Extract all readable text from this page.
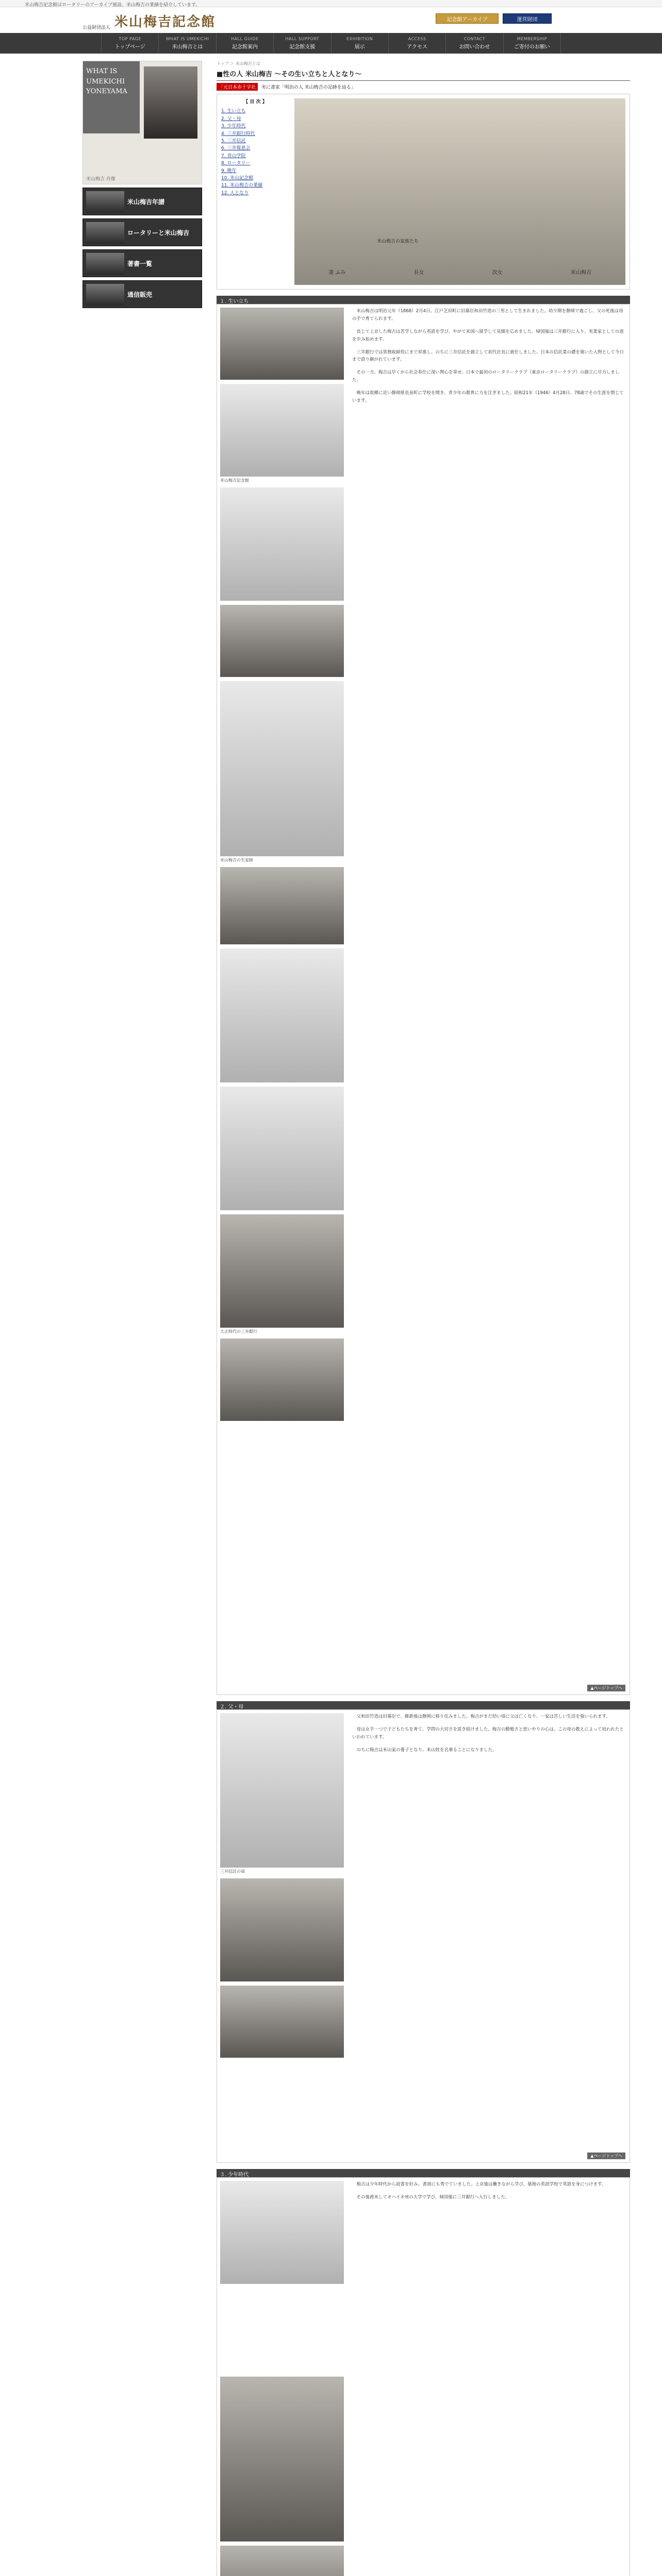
米山梅吉記念館はロータリーのアーカイブ施設、米山梅吉の業績を紹介しています。
公益財団法人 米山梅吉記念館	記念館アーカイブ	運営財団
TOP PAGE
トップページ
WHAT IS UMEKICHI
米山梅吉とは
HALL GUIDE
記念館案内
HALL SUPPORT
記念館支援
EXHIBITION
展示
ACCESS
アクセス
CONTACT
お問い合わせ
MEMBERSHIP
ご寄付のお願い
WHAT IS UMEKICHI YONEYAMA
米山梅吉 肖像
米山梅吉年譜
ロータリーと米山梅吉
著書一覧
通信販売
トップ ＞ 米山梅吉とは
■性の人 米山梅吉 ～その生い立ちと人となり～
「元日本赤十字社 実に書家「明治の人 米山梅吉の足跡を辿る」
【 目 次 】
1. 生い立ち
2. 父・母
3. 少年時代
4. 三井銀行時代
5. 三井信託
6. 三井報恩会
7. 青山学院
8. ロータリー
9. 晩年
10. 米山記念館
11. 米山梅吉の業績
12. 人となり
米山梅吉の家族たち
妻 ふみ	長女	次女	米山梅吉
１. 生い立ち
米山梅吉記念館
米山梅吉の生家跡
大正時代の三井銀行

米山梅吉は明治元年（1868）2月4日、江戸芝田町に旧幕臣和田竹造の三男として生まれました。幼少期を静岡で過ごし、父の死後は母の手で育てられます。

長じて上京した梅吉は苦学しながら英語を学び、やがて米国へ留学して見聞を広めました。帰国後は三井銀行に入り、実業家としての道を歩み始めます。

三井銀行では常務取締役にまで昇進し、のちに三井信託を創立して初代社長に就任しました。日本の信託業の礎を築いた人物として今日まで語り継がれています。

その一方、梅吉は早くから社会奉仕に深い関心を寄せ、日本で最初のロータリークラブ（東京ロータリークラブ）の創立に尽力しました。

晩年は故郷に近い静岡県長泉町に学校を開き、青少年の教育に力を注ぎました。昭和21年（1946）4月28日、78歳でその生涯を閉じています。

▲ページトップへ
２. 父・母
三井信託の頃

父和田竹造は旧幕臣で、維新後は静岡に移り住みました。梅吉がまだ幼い頃に父は亡くなり、一家は苦しい生活を強いられます。

母は女手一つで子どもたちを育て、学問の大切さを説き続けました。梅吉の勤勉さと思いやりの心は、この母の教えによって培われたといわれています。

のちに梅吉は米山家の養子となり、米山姓を名乗ることになりました。

▲ページトップへ
３. 少年時代

梅吉は少年時代から読書を好み、書道にも秀でていました。上京後は働きながら学び、築地の英語学校で英語を身につけます。

その後渡米してオハイオ州の大学で学び、帰国後に三井銀行へ入行しました。
